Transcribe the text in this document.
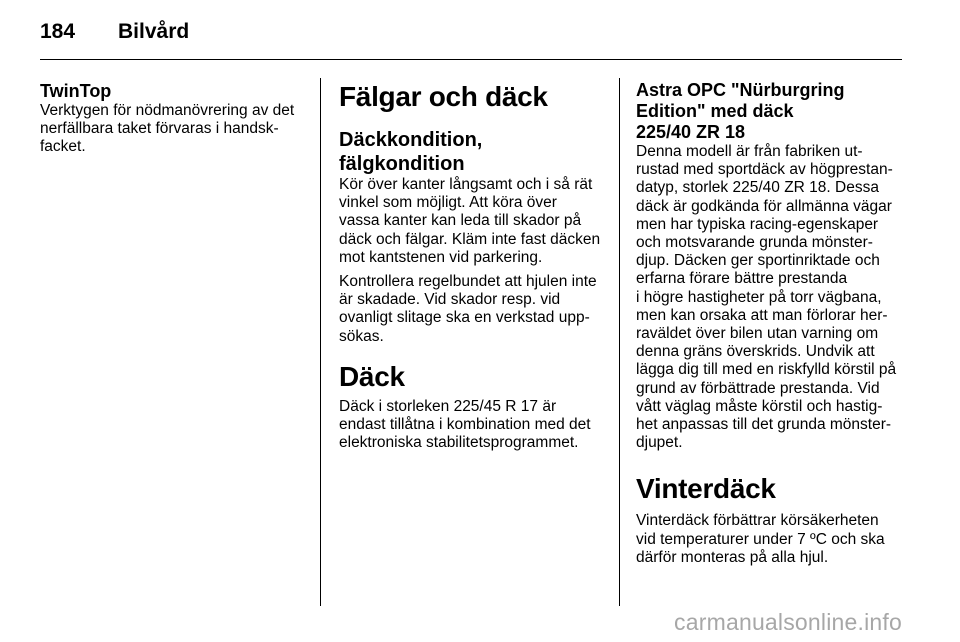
184 Bilvård
TwinTop

Verktygen för nödmanövrering av det
nerfällbara taket förvaras i handsk-
facket.

Fälgar och däck
Däckkondition, fälgkondition

Kör över kanter långsamt och i så rät
vinkel som möjligt. Att köra över
vassa kanter kan leda till skador på
däck och fälgar. Kläm inte fast däcken
mot kantstenen vid parkering.

Kontrollera regelbundet att hjulen inte
är skadade. Vid skador resp. vid
ovanligt slitage ska en verkstad upp-
sökas.

Däck

Däck i storleken 225/45 R 17 är
endast tillåtna i kombination med det
elektroniska stabilitetsprogrammet.

Astra OPC "Nürburgring
Edition" med däck
225/40 ZR 18

Denna modell är från fabriken ut-
rustad med sportdäck av högprestan-
datyp, storlek 225/40 ZR 18. Dessa
däck är godkända för allmänna vägar
men har typiska racing-egenskaper
och motsvarande grunda mönster-
djup. Däcken ger sportinriktade och
erfarna förare bättre prestanda
i högre hastigheter på torr vägbana,
men kan orsaka att man förlorar her-
raväldet över bilen utan varning om
denna gräns överskrids. Undvik att
lägga dig till med en riskfylld körstil på
grund av förbättrade prestanda. Vid
vått väglag måste körstil och hastig-
het anpassas till det grunda mönster-
djupet.

Vinterdäck

Vinterdäck förbättrar körsäkerheten
vid temperaturer under 7 ºC och ska
därför monteras på alla hjul.

carmanualsonline.info
